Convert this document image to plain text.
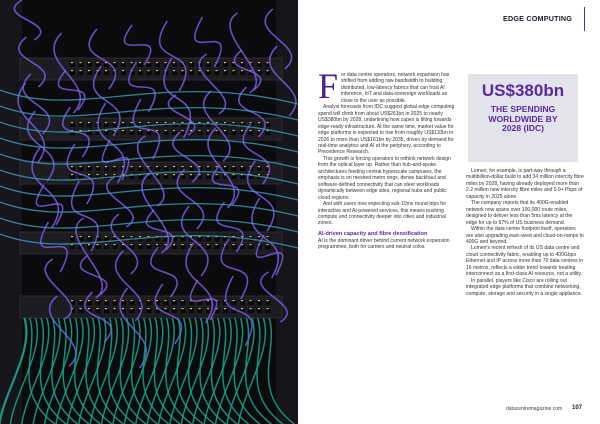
EDGE COMPUTING

For data centre operators, network expansion has shifted from adding raw bandwidth to building distributed, low-latency fabrics that can host AI inference, IoT and data-sovereign workloads as close to the user as possible.

Analyst forecasts from IDC suggest global edge computing spend will climb from about US$261bn in 2025 to nearly US$380bn by 2028, underlining how capex is tilting towards edge-ready infrastructure. At the same time, market value for edge platforms is expected to rise from roughly US$110bn in 2026 to more than US$161bn by 2035, driven by demand for real-time analytics and AI at the periphery, according to Precedence Research.

This growth is forcing operators to rethink network design from the optical layer up. Rather than hub-and-spoke architectures feeding central hyperscale campuses, the emphasis is on meshed metro rings, dense backhaul and software-defined connectivity that can steer workloads dynamically between edge sites, regional hubs and public cloud regions.

And with users now expecting sub-10ms round-trips for interactive and AI-powered services, this means pushing compute and connectivity deeper into cities and industrial zones.

AI-driven capacity and fibre densification

AI is the dominant driver behind current network expansion programmes, both for carriers and neutral colos.

US$380bn
THE SPENDING WORLDWIDE BY 2028 (IDC)

Lumen, for example, is part-way through a multibillion-dollar build to add 34 million intercity fibre miles by 2028, having already deployed more than 2.2 million new intercity fibre miles and 5.9+ Pbps of capacity in 2025 alone.

The company reports that its 400G-enabled network now spans over 100,000 route miles, designed to deliver less than 5ms latency at the edge for up to 97% of US business demand.

Within the data centre footprint itself, operators are also upgrading east–west and cloud-on-ramps to 400G and beyond.

Lumen's recent refresh of its US data centre and cloud connectivity fabric, enabling up to 400Gbps Ethernet and IP across more than 70 data centres in 16 metros, reflects a wider trend towards treating interconnect as a first-class AI resource, not a utility.

In parallel, players like Cisco are rolling out integrated edge platforms that combine networking, compute, storage and security in a single appliance.

datacentremagazine.com 107
